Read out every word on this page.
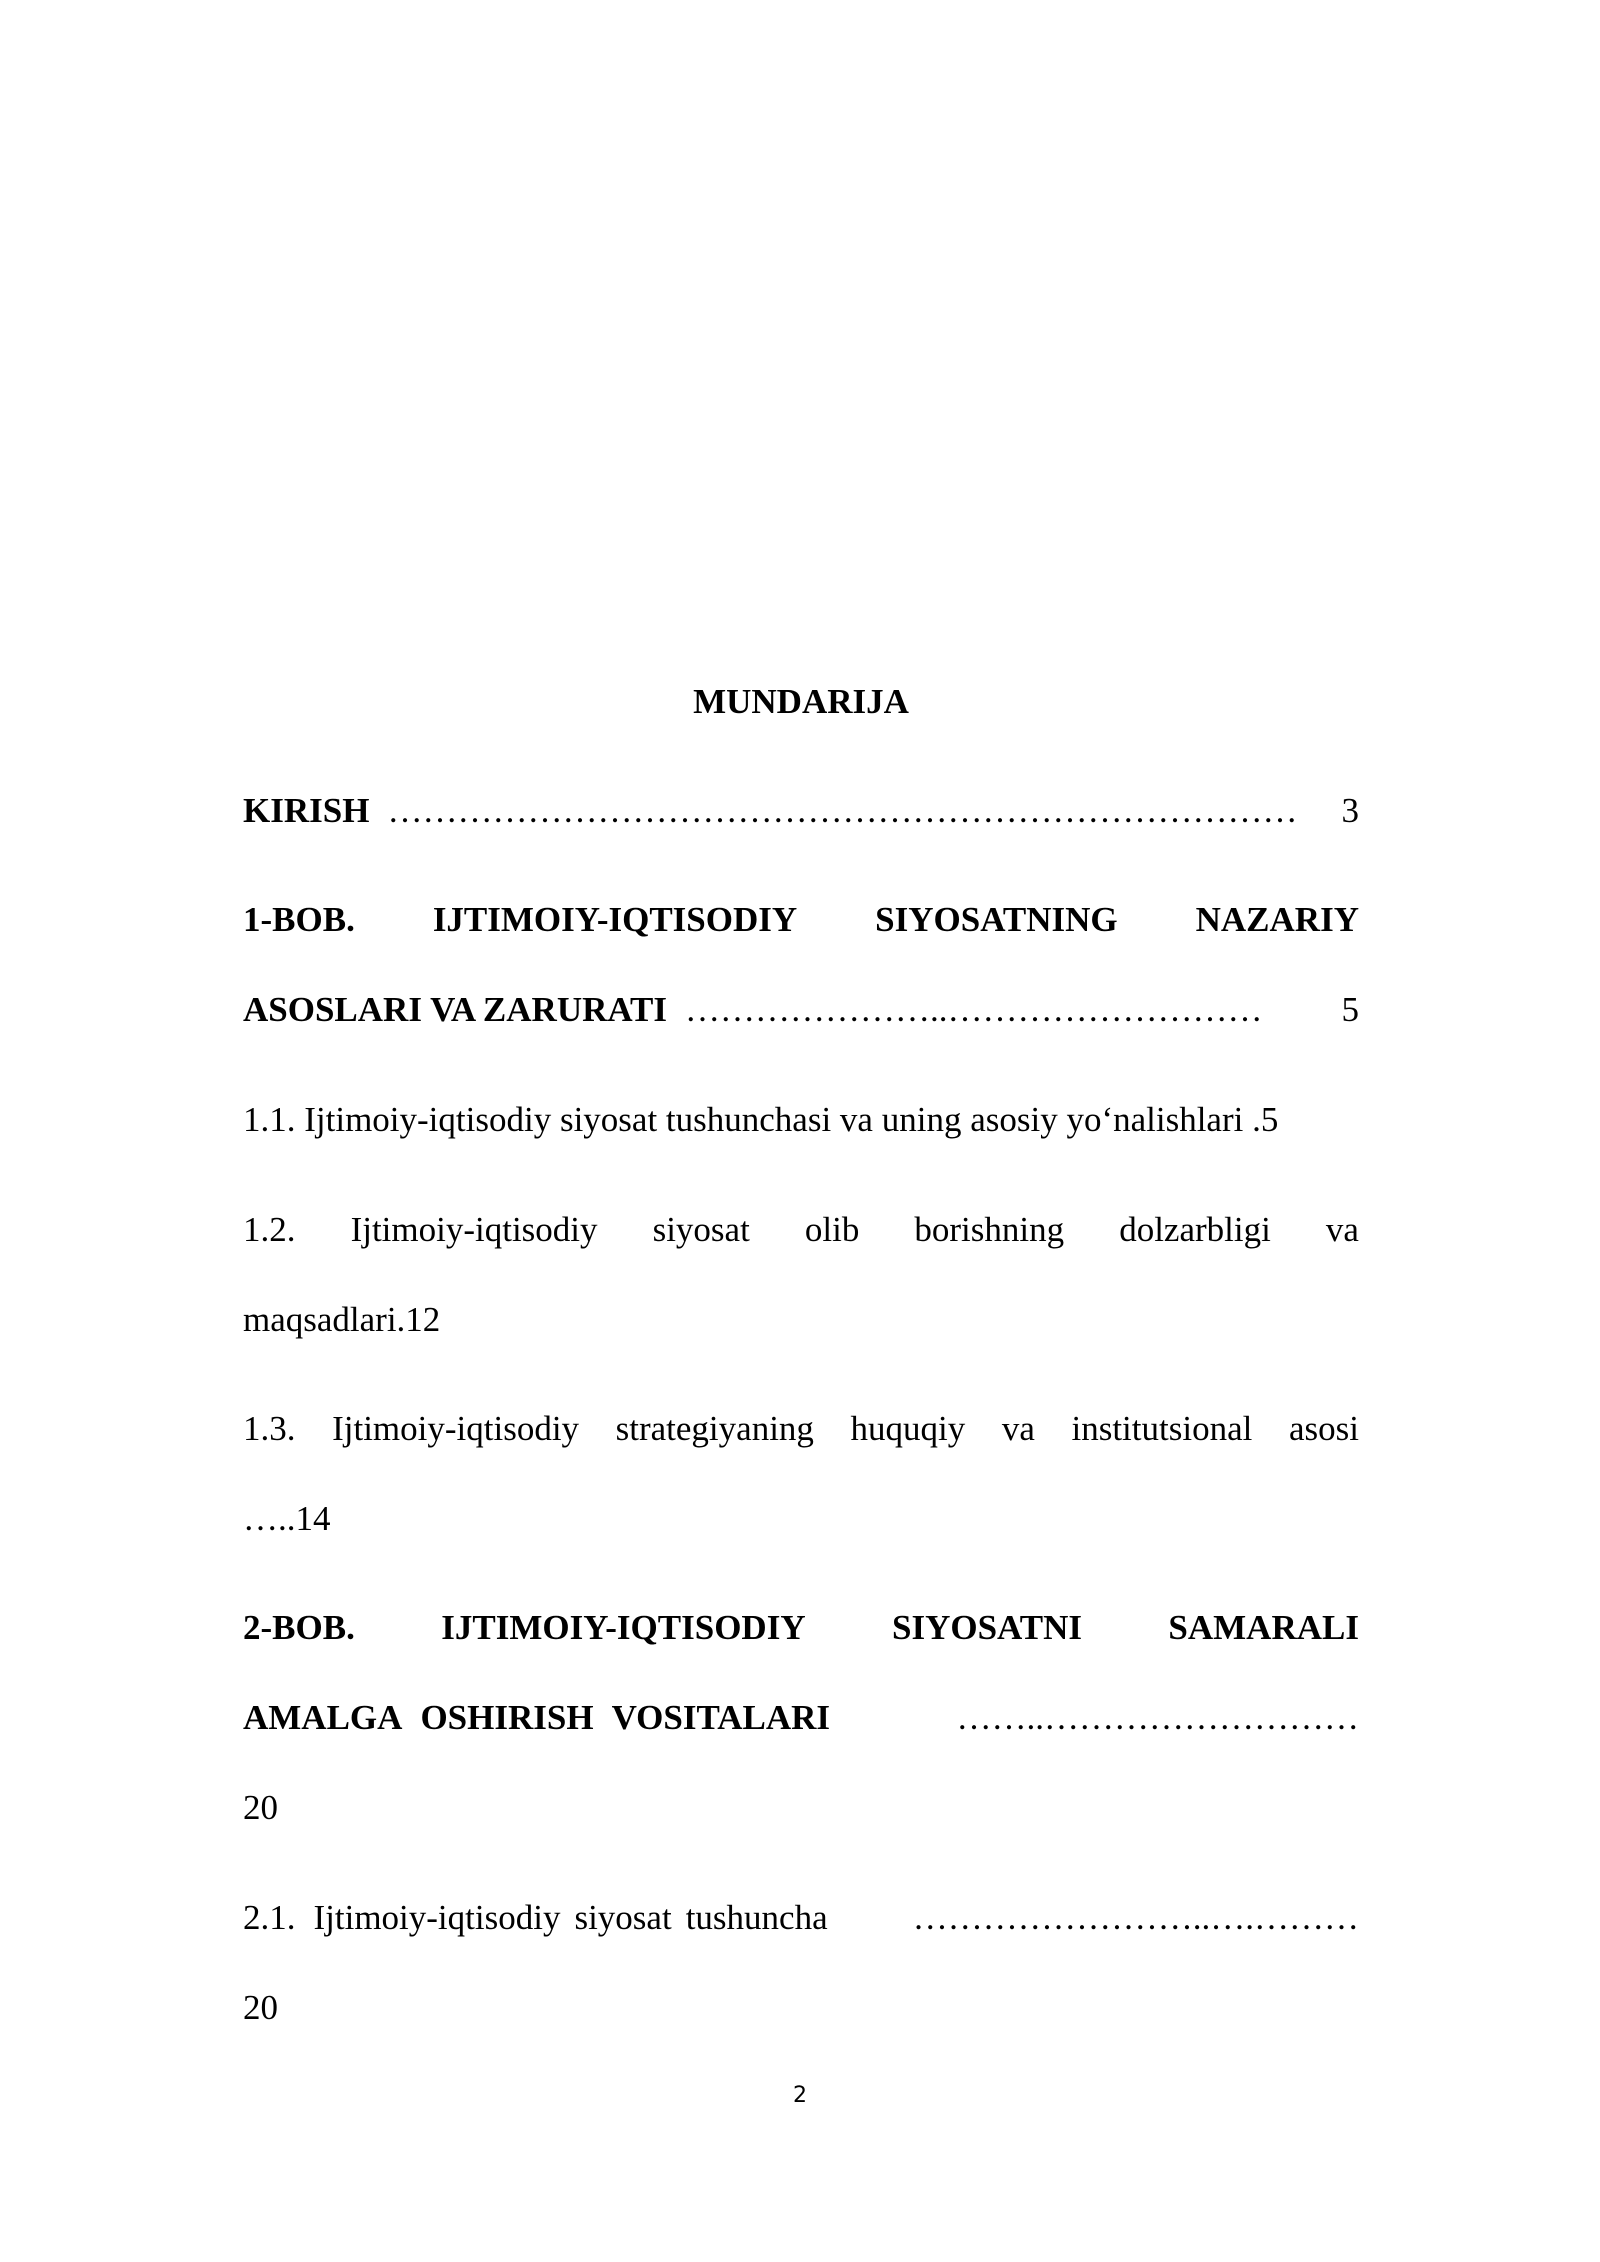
MUNDARIJA
KIRISH ……………………………………………………………………	3
1-BOB. IJTIMOIY-IQTISODIY SIYOSATNING NAZARIY
ASOSLARI VA ZARURATI …………………..………………………	5
1.1. Ijtimoiy-iqtisodiy siyosat tushunchasi va uning asosiy yo‘nalishlari .5
1.2. Ijtimoiy-iqtisodiy siyosat olib borishning dolzarbligi va
maqsadlari.12
1.3. Ijtimoiy-iqtisodiy strategiyaning huquqiy va institutsional asosi
…..14
2-BOB. IJTIMOIY-IQTISODIY SIYOSATNI SAMARALI
AMALGA OSHIRISH VOSITALARI	……..………………………
20
2.1. Ijtimoiy-iqtisodiy siyosat tushuncha	……………………..….………
20
2
